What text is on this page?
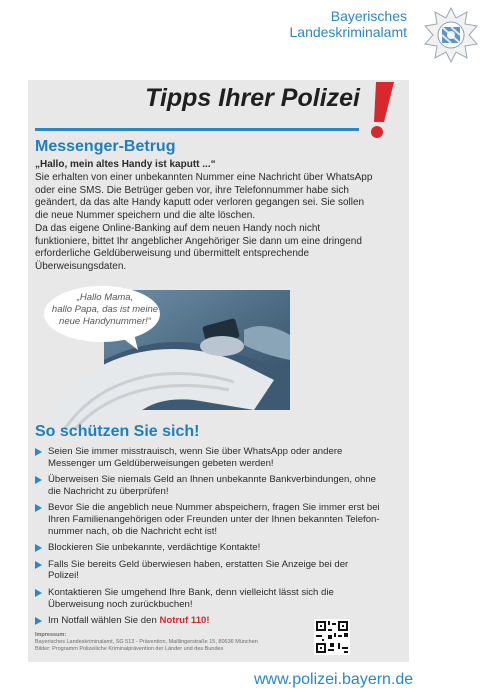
Bayerisches
Landeskriminalamt
Tipps Ihrer Polizei
Messenger-Betrug
„Hallo, mein altes Handy ist kaputt ...“
Sie erhalten von einer unbekannten Nummer eine Nachricht über WhatsApp oder eine SMS. Die Betrüger geben vor, ihre Telefonnummer habe sich geändert, da das alte Handy kaputt oder verloren gegangen sei. Sie sollen die neue Nummer speichern und die alte löschen.
Da das eigene Online-Banking auf dem neuen Handy noch nicht funktioniere, bittet Ihr angeblicher Angehöriger Sie dann um eine dringend erforderliche Geldüberweisung und übermittelt entsprechende Überweisungsdaten.
„Hallo Mama,
hallo Papa, das ist meine
neue Handynummer!“
So schützen Sie sich!
Seien Sie immer misstrauisch, wenn Sie über WhatsApp oder andere Messenger um Geldüberweisungen gebeten werden!
Überweisen Sie niemals Geld an Ihnen unbekannte Bankverbindungen, ohne die Nachricht zu überprüfen!
Bevor Sie die angeblich neue Nummer abspeichern, fragen Sie immer erst bei Ihren Familienangehörigen oder Freunden unter der Ihnen bekannten Telefon-nummer nach, ob die Nachricht echt ist!
Blockieren Sie unbekannte, verdächtige Kontakte!
Falls Sie bereits Geld überwiesen haben, erstatten Sie Anzeige bei der Polizei!
Kontaktieren Sie umgehend Ihre Bank, denn vielleicht lässt sich die Überweisung noch zurückbuchen!
Im Notfall wählen Sie den Notruf 110!
Impressum:
Bayerisches Landeskriminalamt, SG 513 - Prävention, Maillingerstraße 15, 80636 München
Bilder: Programm Polizeiliche Kriminalprävention der Länder und des Bundes
www.polizei.bayern.de
